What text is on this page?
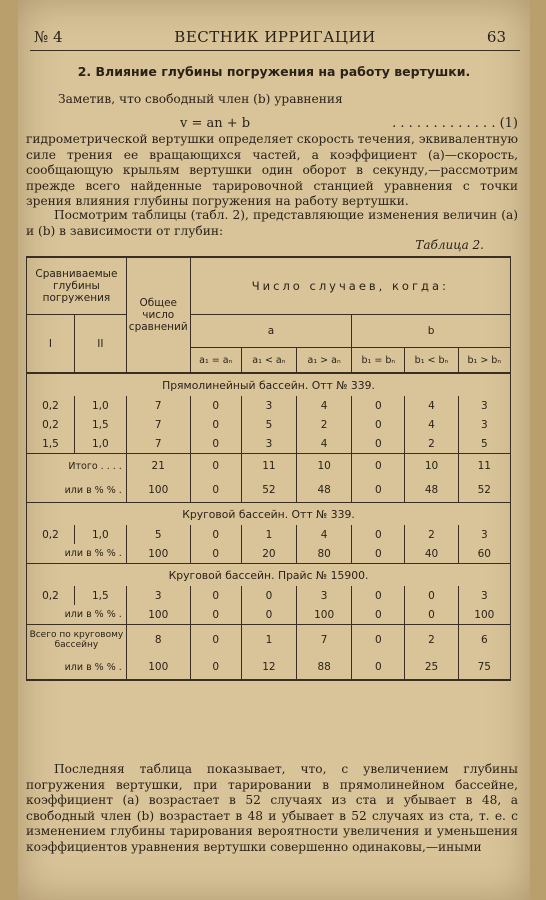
№ 4	ВЕСТНИК ИРРИГАЦИИ	63
2. Влияние глубины погружения на работу вертушки.
Заметив, что свободный член (b) уравнения
v = an + b	. . . . . . . . . . . . . (1)
гидрометрической вертушки определяет скорость течения, эквивалентную силе трения ее вращающихся частей, а коэффициент (а)—скорость, сообщающую крыльям вертушки один оборот в секунду,—рассмотрим прежде всего найденные тарировочной станцией уравнения с точки зрения влияния глубины погружения на работу вертушки.
Посмотрим таблицы (табл. 2), представляющие изменения величин (a) и (b) в зависимости от глубин:
Таблица 2.
Сравниваемые глубины погружения		Общее число сравнений	Число случаев, когда:					
I	II		a			b		
			a₁ = aₙ	a₁ < aₙ	a₁ > aₙ	b₁ = bₙ	b₁ < bₙ	b₁ > bₙ
Прямолинейный бассейн. Отт № 339.								
0,2	1,0	7	0	3	4	0	4	3
0,2	1,5	7	0	5	2	0	4	3
1,5	1,0	7	0	3	4	0	2	5
Итого . . . .		21	0	11	10	0	10	11
или в % % .		100	0	52	48	0	48	52
Круговой бассейн. Отт № 339.								
0,2	1,0	5	0	1	4	0	2	3
или в % % .		100	0	20	80	0	40	60
Круговой бассейн. Прайс № 15900.								
0,2	1,5	3	0	0	3	0	0	3
или в % % .		100	0	0	100	0	0	100
Всего по круговому бассейну		8	0	1	7	0	2	6
или в % % .		100	0	12	88	0	25	75
Последняя таблица показывает, что, с увеличением глубины погружения вертушки, при тарировании в прямолинейном бассейне, коэффициент (a) возрастает в 52 случаях из ста и убывает в 48, а свободный член (b) возрастает в 48 и убывает в 52 случаях из ста, т. е. с изменением глубины тарирования вероятности увеличения и уменьшения коэффициентов уравнения вертушки совершенно одинаковы,—иными
